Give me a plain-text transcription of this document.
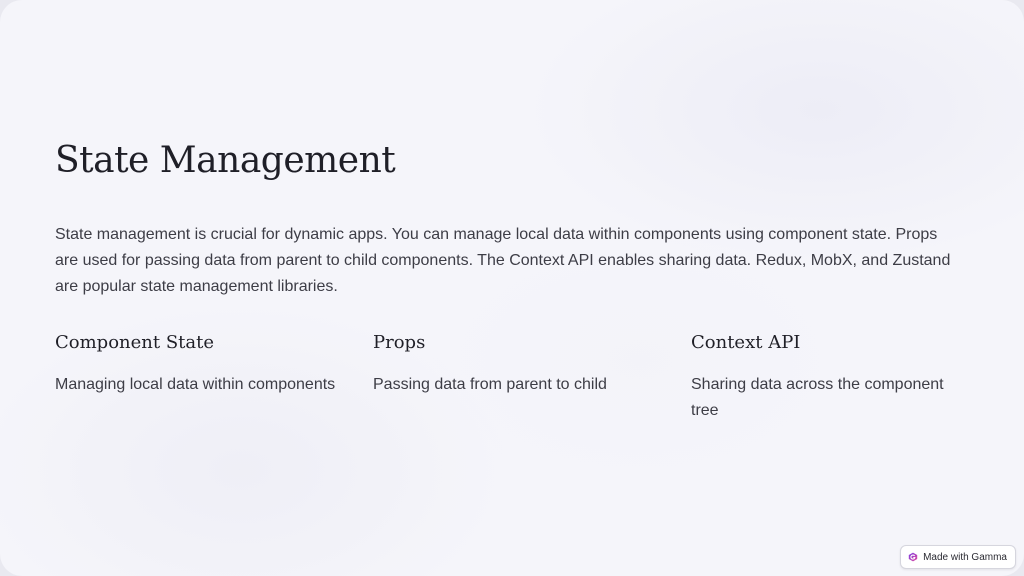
State Management

State management is crucial for dynamic apps. You can manage local data within components using component state. Props are used for passing data from parent to child components. The Context API enables sharing data. Redux, MobX, and Zustand are popular state management libraries.

Component State

Managing local data within components

Props

Passing data from parent to child

Context API

Sharing data across the component tree

Made with Gamma
